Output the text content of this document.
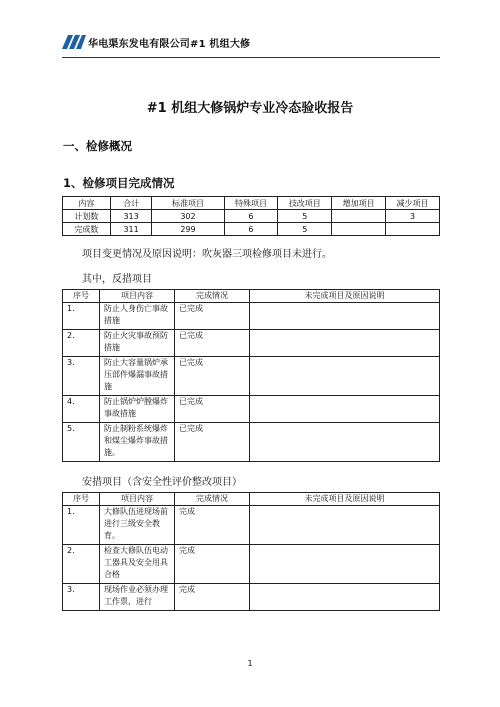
华电渠东发电有限公司#1 机组大修
#1 机组大修锅炉专业冷态验收报告
一、检修概况
1、检修项目完成情况
内容	合计	标准项目	特殊项目	技改项目	增加项目	减少项目
计划数	313	302	6	5		3
完成数	311	299	6	5		
项目变更情况及原因说明：吹灰器三项检修项目未进行。
其中，反措项目
序号	项目内容	完成情况	未完成项目及原因说明
1.	防止人身伤亡事故措施	已完成	
2.	防止火灾事故预防措施	已完成	
3.	防止大容量锅炉承压部件爆漏事故措施	已完成	
4.	防止锅炉炉膛爆炸事故措施	已完成	
5.	防止制粉系统爆炸和煤尘爆炸事故措施。	已完成	
安措项目（含安全性评价整改项目）
序号	项目内容	完成情况	未完成项目及原因说明
1.	大修队伍进现场前进行三级安全教育。	完成	
2.	检查大修队伍电动工器具及安全用具合格	完成	
3.	现场作业必须办理工作票，进行	完成	
1
